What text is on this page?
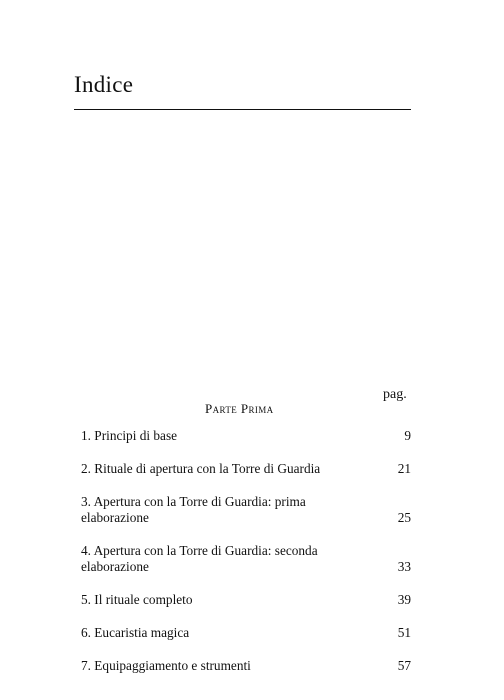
Indice
pag.
Parte Prima
1. Principi di base	9
2. Rituale di apertura con la Torre di Guardia	21
3. Apertura con la Torre di Guardia: prima elaborazione	25
4. Apertura con la Torre di Guardia: seconda elaborazione	33
5. Il rituale completo	39
6. Eucaristia magica	51
7. Equipaggiamento e strumenti	57
